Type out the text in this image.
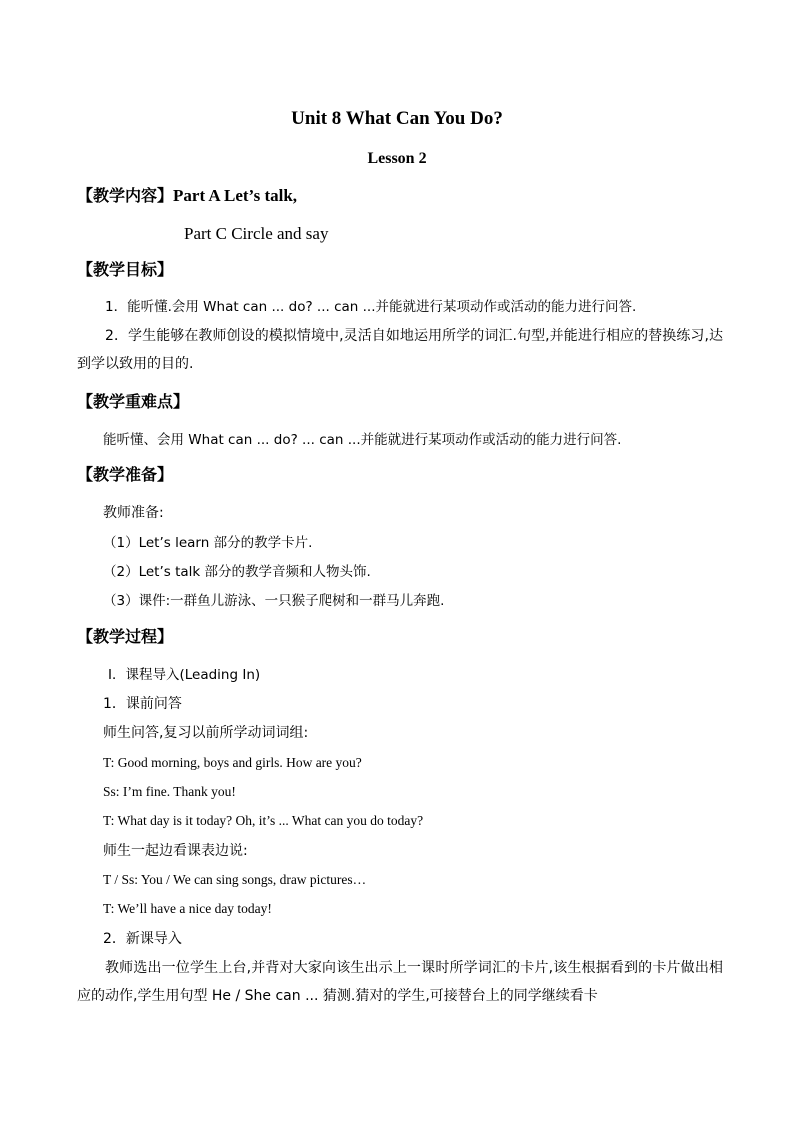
Unit 8 What Can You Do?
Lesson 2
【教学内容】Part A Let’s talk,
Part C Circle and say
【教学目标】
1．能听懂.会用 What can ... do? ... can ...并能就进行某项动作或活动的能力进行问答.
2．学生能够在教师创设的模拟情境中,灵活自如地运用所学的词汇.句型,并能进行相应的替换练习,达到学以致用的目的.
【教学重难点】
能听懂、会用 What can ... do? ... can ...并能就进行某项动作或活动的能力进行问答.
【教学准备】
教师准备:
（1）Let’s learn 部分的教学卡片.
（2）Let’s talk 部分的教学音频和人物头饰.
（3）课件:一群鱼儿游泳、一只猴子爬树和一群马儿奔跑.
【教学过程】
Ⅰ．课程导入(Leading In)
1．课前问答
师生问答,复习以前所学动词词组:
T: Good morning, boys and girls. How are you?
Ss: I’m fine. Thank you!
T: What day is it today? Oh, it’s ... What can you do today?
师生一起边看课表边说:
T / Ss: You / We can sing songs, draw pictures…
T: We’ll have a nice day today!
2．新课导入
教师选出一位学生上台,并背对大家向该生出示上一课时所学词汇的卡片,该生根据看到的卡片做出相应的动作,学生用句型 He / She can ... 猜测.猜对的学生,可接替台上的同学继续看卡
